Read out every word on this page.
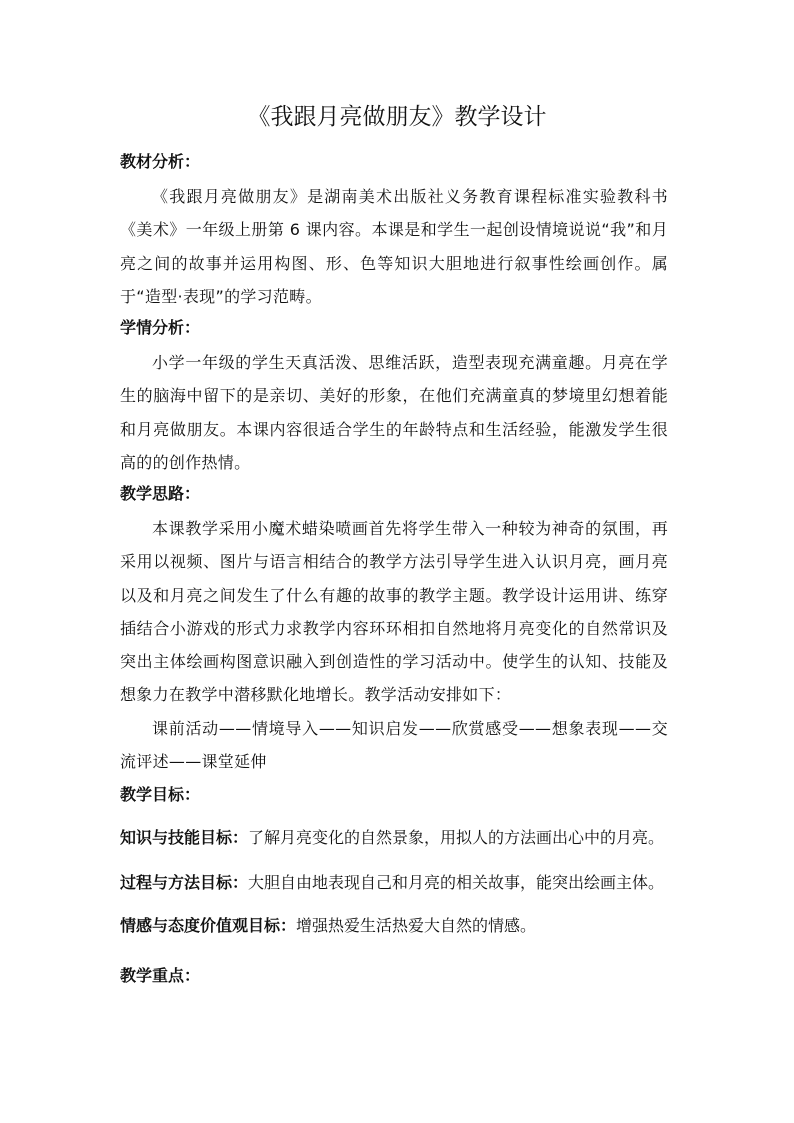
《我跟月亮做朋友》教学设计
教材分析：
《我跟月亮做朋友》是湖南美术出版社义务教育课程标准实验教科书《美术》一年级上册第 6 课内容。本课是和学生一起创设情境说说“我”和月亮之间的故事并运用构图、形、色等知识大胆地进行叙事性绘画创作。属于“造型·表现”的学习范畴。
学情分析：
小学一年级的学生天真活泼、思维活跃，造型表现充满童趣。月亮在学生的脑海中留下的是亲切、美好的形象，在他们充满童真的梦境里幻想着能和月亮做朋友。本课内容很适合学生的年龄特点和生活经验，能激发学生很高的的创作热情。
教学思路：
本课教学采用小魔术蜡染喷画首先将学生带入一种较为神奇的氛围，再采用以视频、图片与语言相结合的教学方法引导学生进入认识月亮，画月亮以及和月亮之间发生了什么有趣的故事的教学主题。教学设计运用讲、练穿插结合小游戏的形式力求教学内容环环相扣自然地将月亮变化的自然常识及突出主体绘画构图意识融入到创造性的学习活动中。使学生的认知、技能及想象力在教学中潜移默化地增长。教学活动安排如下：
课前活动——情境导入——知识启发——欣赏感受——想象表现——交流评述——课堂延伸
教学目标：
知识与技能目标：了解月亮变化的自然景象，用拟人的方法画出心中的月亮。
过程与方法目标：大胆自由地表现自己和月亮的相关故事，能突出绘画主体。
情感与态度价值观目标：增强热爱生活热爱大自然的情感。
教学重点：
